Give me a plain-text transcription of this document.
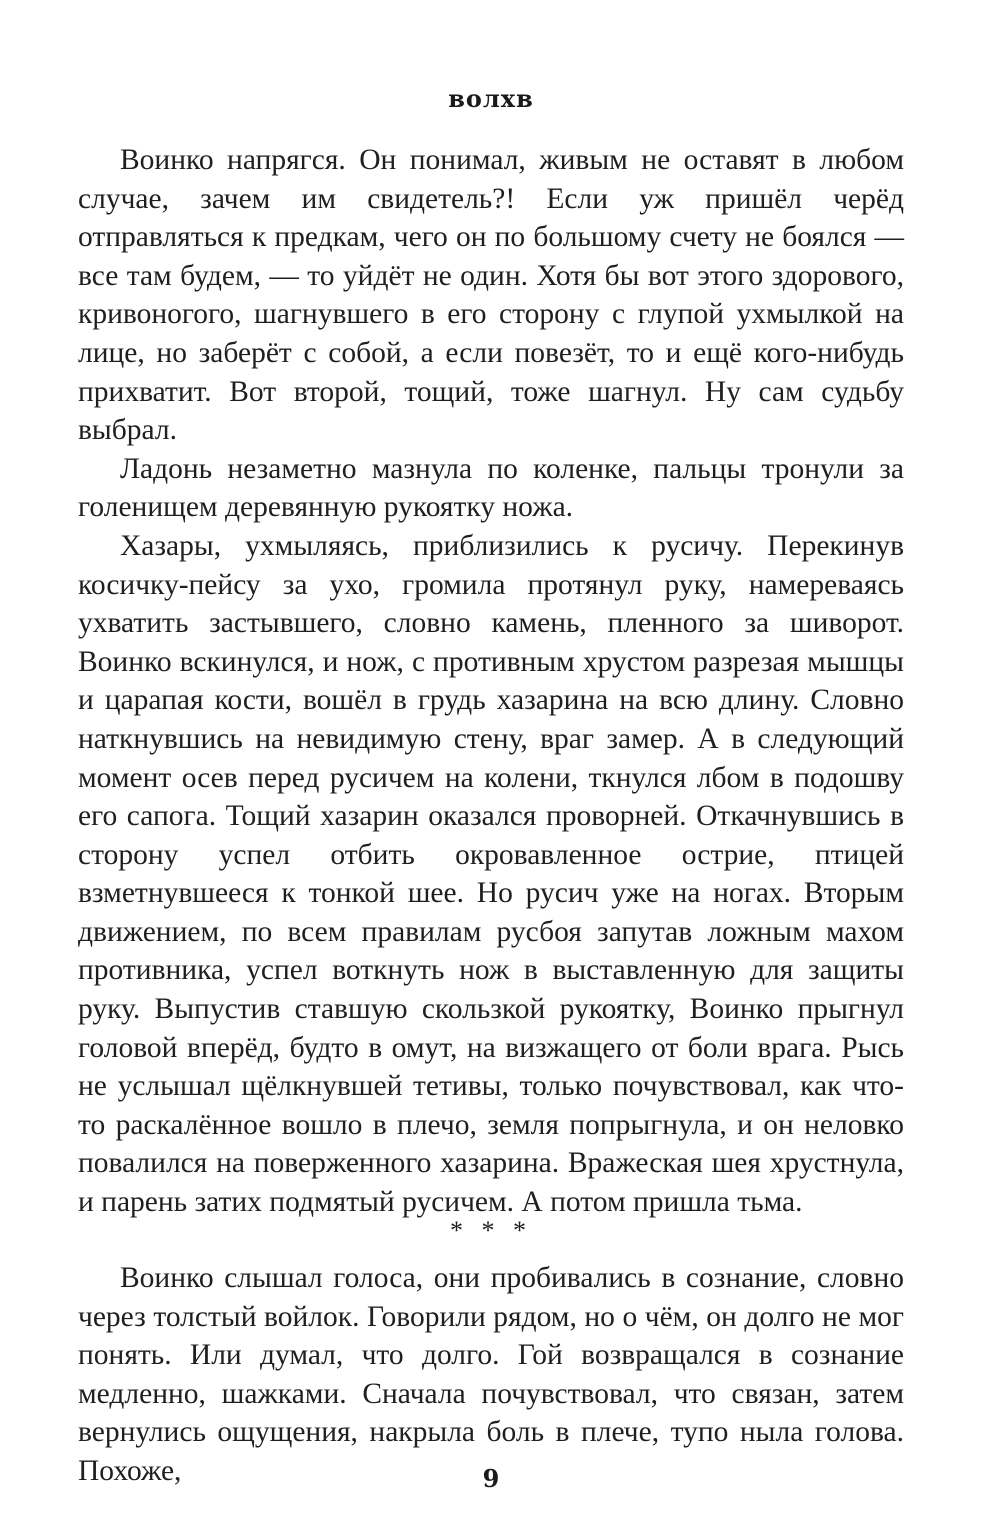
волхв

Воинко напрягся. Он понимал, живым не оставят в любом случае, зачем им свидетель?! Если уж пришёл черёд отправляться к предкам, чего он по большому счету не боялся — все там будем, — то уйдёт не один. Хотя бы вот этого здорового, кривоногого, шагнувшего в его сторону с глупой ухмылкой на лице, но заберёт с собой, а если повезёт, то и ещё кого-нибудь прихватит. Вот второй, тощий, тоже шагнул. Ну сам судьбу выбрал.

Ладонь незаметно мазнула по коленке, пальцы тронули за голенищем деревянную рукоятку ножа.

Хазары, ухмыляясь, приблизились к русичу. Перекинув косичку-пейсу за ухо, громила протянул руку, намереваясь ухватить застывшего, словно камень, пленного за шиворот. Воинко вскинулся, и нож, с противным хрустом разрезая мышцы и царапая кости, вошёл в грудь хазарина на всю длину. Словно наткнувшись на невидимую стену, враг замер. А в следующий момент осев перед русичем на колени, ткнулся лбом в подошву его сапога. Тощий хазарин оказался проворней. Откачнувшись в сторону успел отбить окровавленное острие, птицей взметнувшееся к тонкой шее. Но русич уже на ногах. Вторым движением, по всем правилам русбоя запутав ложным махом противника, успел воткнуть нож в выставленную для защиты руку. Выпустив ставшую скользкой рукоятку, Воинко прыгнул головой вперёд, будто в омут, на визжащего от боли врага. Рысь не услышал щёлкнувшей тетивы, только почувствовал, как что-то раскалённое вошло в плечо, земля попрыгнула, и он неловко повалился на поверженного хазарина. Вражеская шея хрустнула, и парень затих подмятый русичем. А потом пришла тьма.

* * *

Воинко слышал голоса, они пробивались в сознание, словно через толстый войлок. Говорили рядом, но о чём, он долго не мог понять. Или думал, что долго. Гой возвращался в сознание медленно, шажками. Сначала почувствовал, что связан, затем вернулись ощущения, накрыла боль в плече, тупо ныла голова. Похоже,	9
